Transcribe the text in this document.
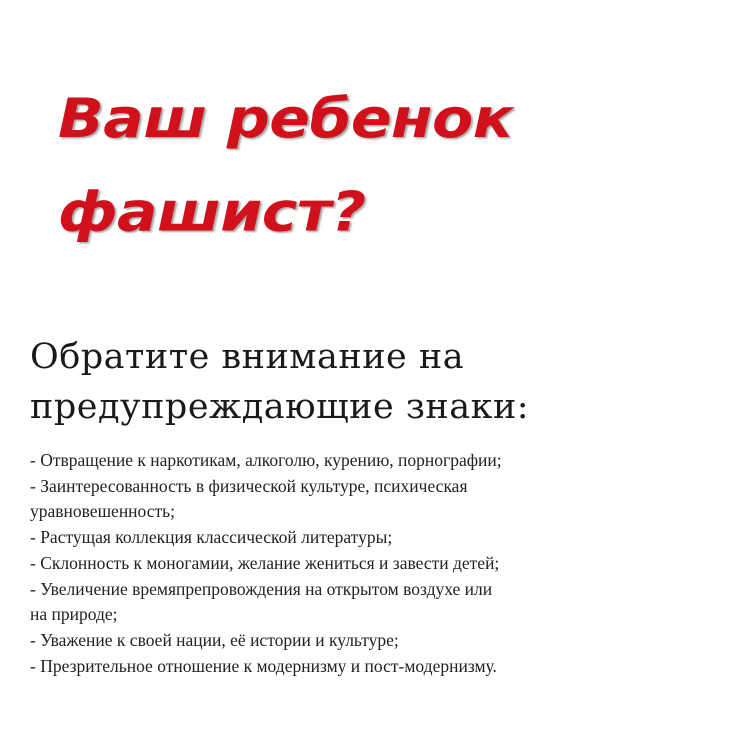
Ваш ребенок
фашист?
Обратите внимание на
предупреждающие знаки:
- Отвращение к наркотикам, алкоголю, курению, порнографии;
- Заинтересованность в физической культуре, психическая
уравновешенность;
- Растущая коллекция классической литературы;
- Склонность к моногамии, желание жениться и завести детей;
- Увеличение времяпрепровождения на открытом воздухе или
на природе;
- Уважение к своей нации, её истории и культуре;
- Презрительное отношение к модернизму и пост-модернизму.
